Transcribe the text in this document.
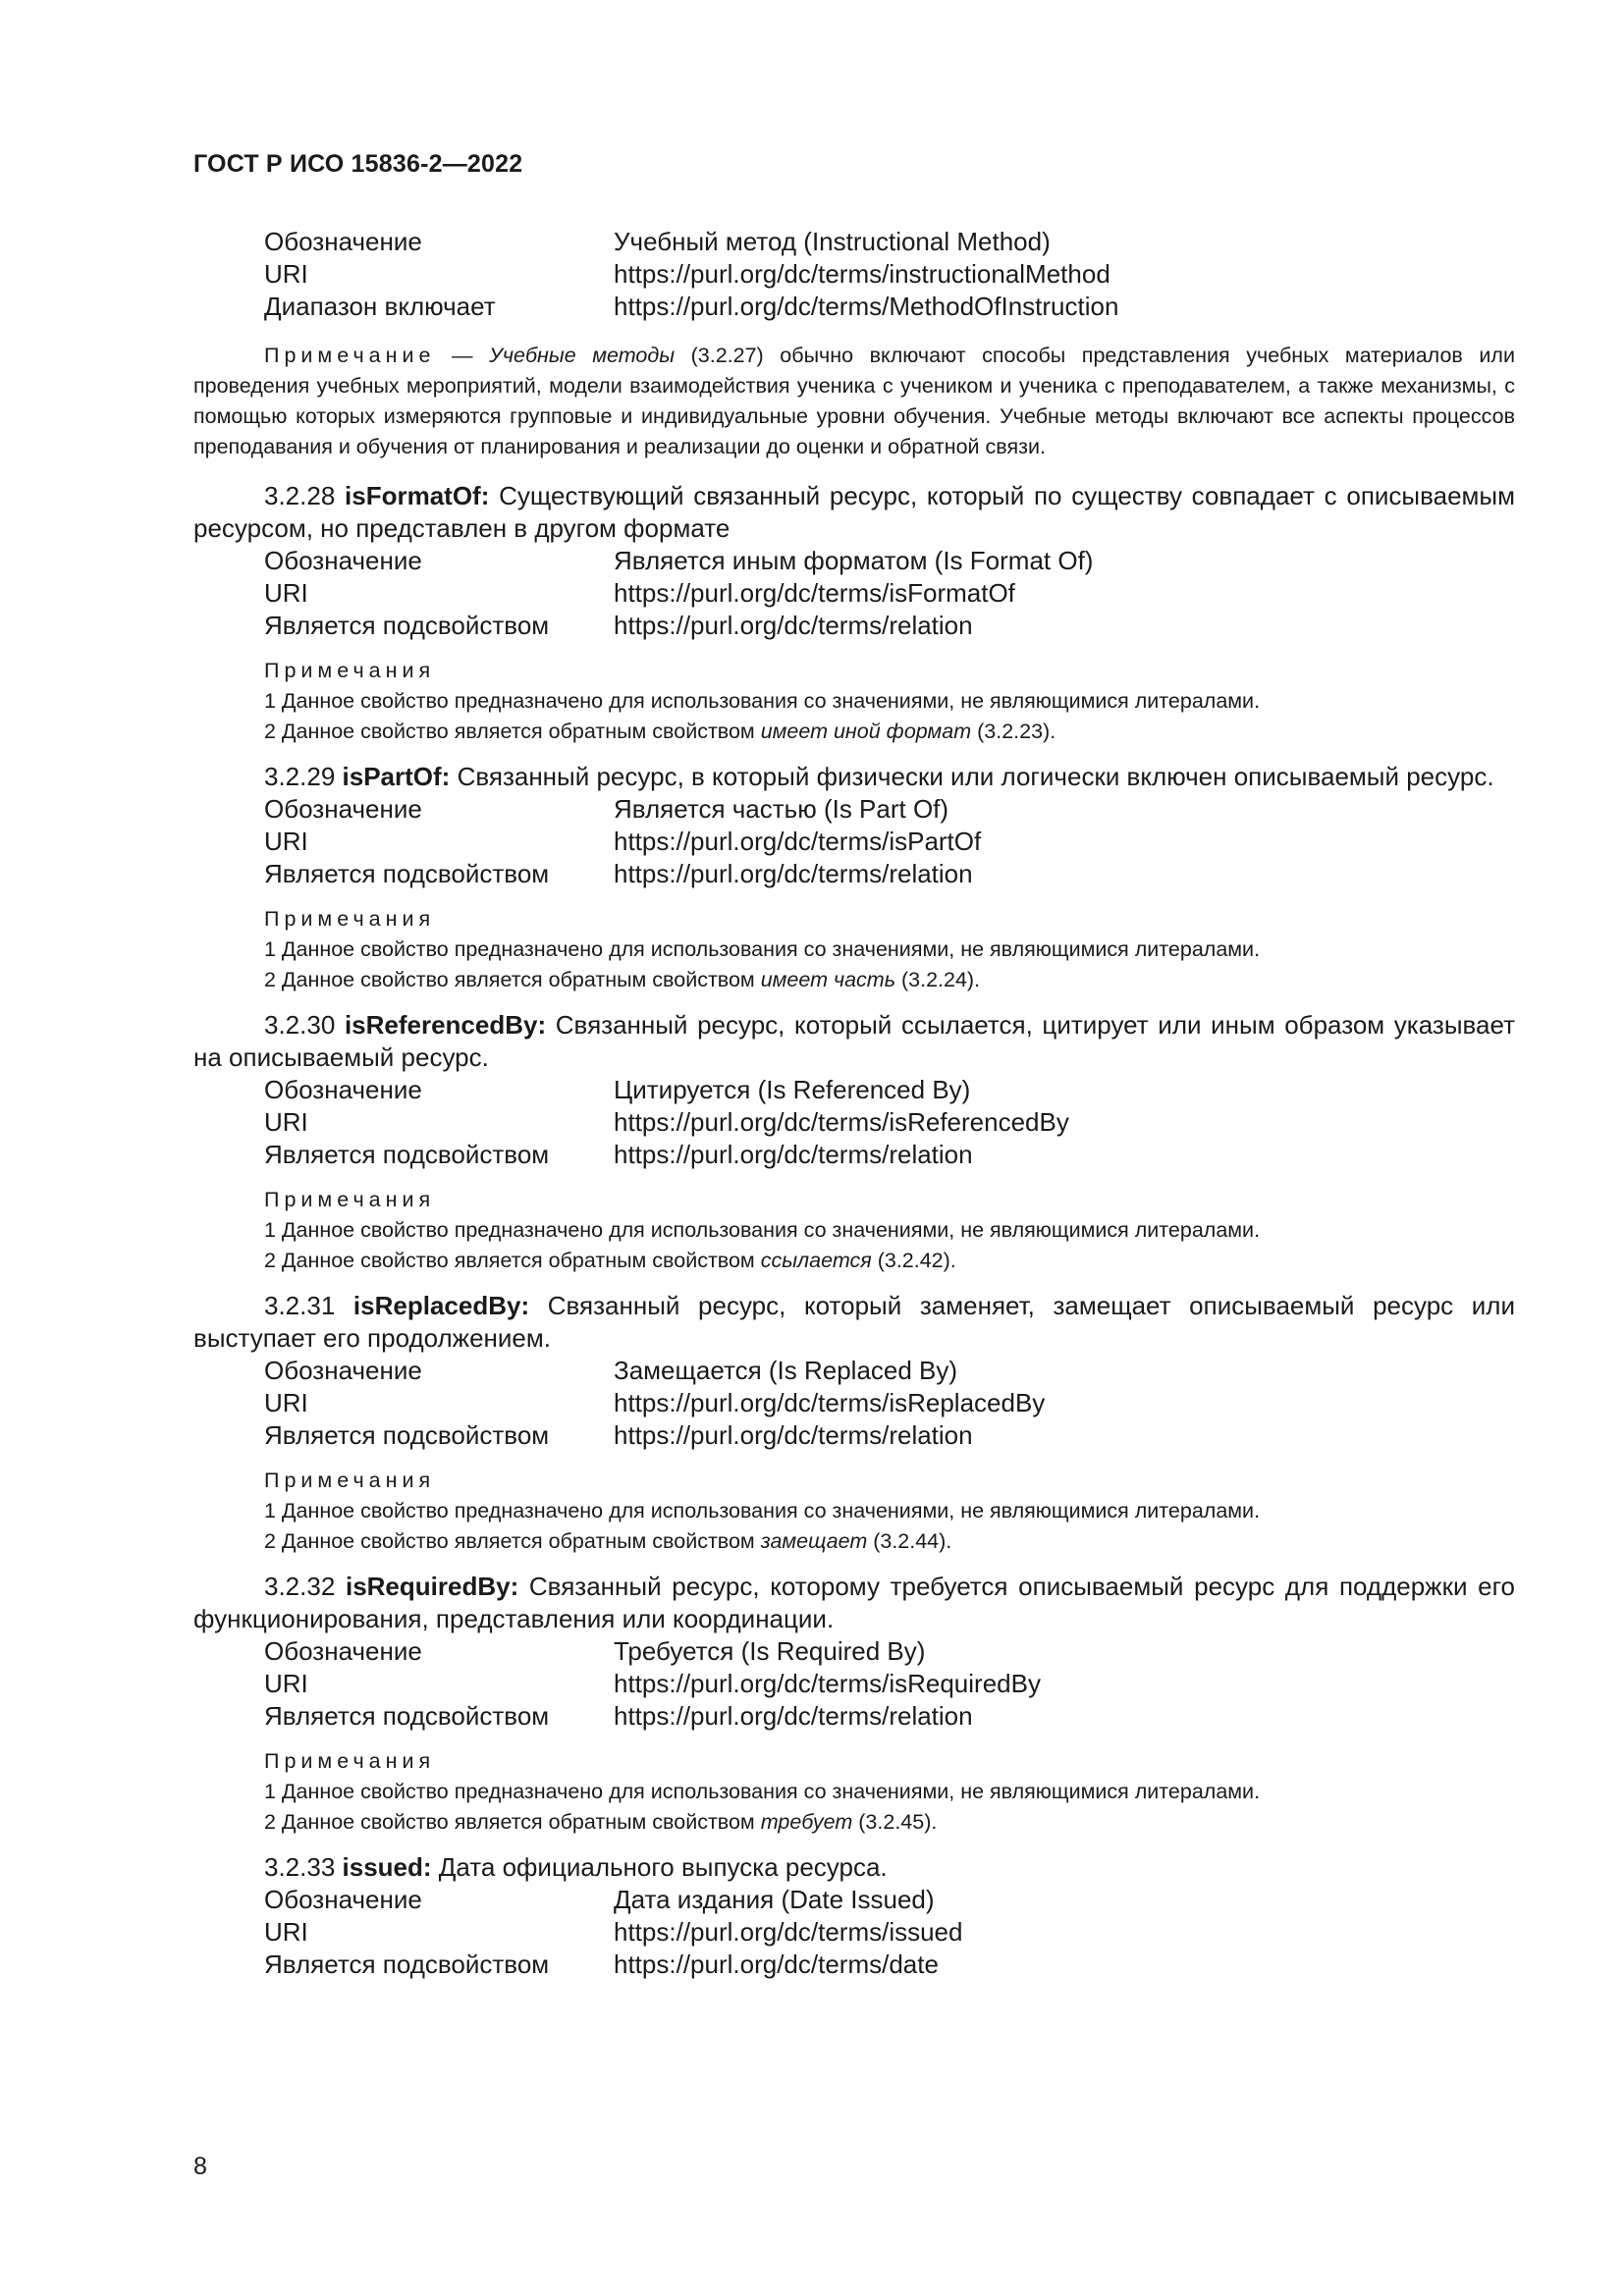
ГОСТ Р ИСО 15836-2—2022
Обозначение	Учебный метод (Instructional Method)
URI	https://purl.org/dc/terms/instructionalMethod
Диапазон включает	https://purl.org/dc/terms/MethodOfInstruction

Примечание — Учебные методы (3.2.27) обычно включают способы представления учебных материалов или проведения учебных мероприятий, модели взаимодействия ученика с учеником и ученика с преподавателем, а также механизмы, с помощью которых измеряются групповые и индивидуальные уровни обучения. Учебные методы включают все аспекты процессов преподавания и обучения от планирования и реализации до оценки и обратной связи.

3.2.28 isFormatOf: Существующий связанный ресурс, который по существу совпадает с описываемым ресурсом, но представлен в другом формате

Обозначение	Является иным форматом (Is Format Of)
URI	https://purl.org/dc/terms/isFormatOf
Является подсвойством	https://purl.org/dc/terms/relation
Примечания
1 Данное свойство предназначено для использования со значениями, не являющимися литералами.
2 Данное свойство является обратным свойством имеет иной формат (3.2.23).

3.2.29 isPartOf: Связанный ресурс, в который физически или логически включен описываемый ресурс.

Обозначение	Является частью (Is Part Of)
URI	https://purl.org/dc/terms/isPartOf
Является подсвойством	https://purl.org/dc/terms/relation
Примечания
1 Данное свойство предназначено для использования со значениями, не являющимися литералами.
2 Данное свойство является обратным свойством имеет часть (3.2.24).

3.2.30 isReferencedBy: Связанный ресурс, который ссылается, цитирует или иным образом указывает на описываемый ресурс.

Обозначение	Цитируется (Is Referenced By)
URI	https://purl.org/dc/terms/isReferencedBy
Является подсвойством	https://purl.org/dc/terms/relation
Примечания
1 Данное свойство предназначено для использования со значениями, не являющимися литералами.
2 Данное свойство является обратным свойством ссылается (3.2.42).

3.2.31 isReplacedBy: Связанный ресурс, который заменяет, замещает описываемый ресурс или выступает его продолжением.

Обозначение	Замещается (Is Replaced By)
URI	https://purl.org/dc/terms/isReplacedBy
Является подсвойством	https://purl.org/dc/terms/relation
Примечания
1 Данное свойство предназначено для использования со значениями, не являющимися литералами.
2 Данное свойство является обратным свойством замещает (3.2.44).

3.2.32 isRequiredBy: Связанный ресурс, которому требуется описываемый ресурс для поддержки его функционирования, представления или координации.

Обозначение	Требуется (Is Required By)
URI	https://purl.org/dc/terms/isRequiredBy
Является подсвойством	https://purl.org/dc/terms/relation
Примечания
1 Данное свойство предназначено для использования со значениями, не являющимися литералами.
2 Данное свойство является обратным свойством требует (3.2.45).

3.2.33 issued: Дата официального выпуска ресурса.

Обозначение	Дата издания (Date Issued)
URI	https://purl.org/dc/terms/issued
Является подсвойством	https://purl.org/dc/terms/date
8
